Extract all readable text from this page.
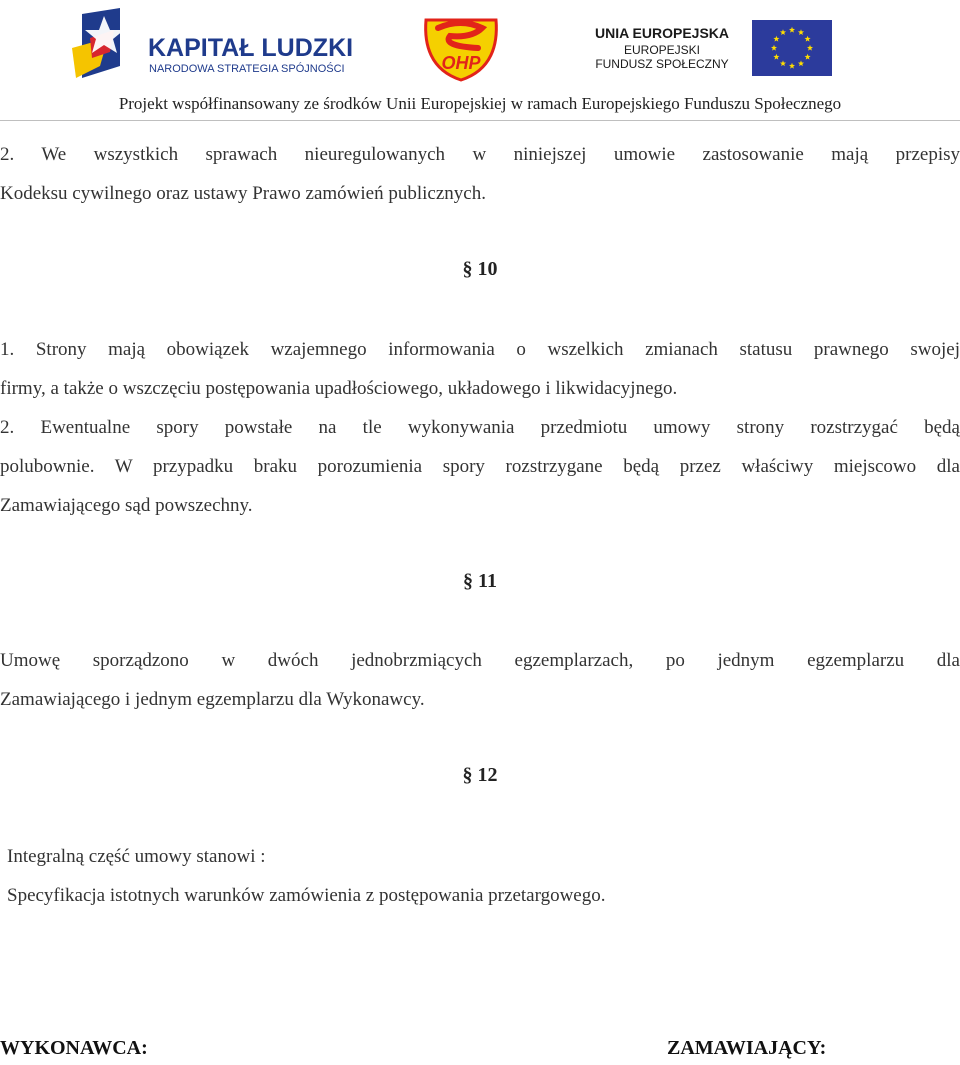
KAPITAŁ LUDZKI
NARODOWA STRATEGIA SPÓJNOŚCI	OHP
UNIA EUROPEJSKA
EUROPEJSKI
FUNDUSZ SPOŁECZNY
Projekt współfinansowany ze środków Unii Europejskiej w ramach Europejskiego Funduszu Społecznego
2. We wszystkich sprawach nieuregulowanych w niniejszej umowie zastosowanie mają przepisy
Kodeksu cywilnego oraz ustawy Prawo zamówień publicznych.
§ 10
1. Strony mają obowiązek wzajemnego informowania o wszelkich zmianach statusu prawnego swojej
firmy, a także o wszczęciu postępowania upadłościowego, układowego i likwidacyjnego.
2. Ewentualne spory powstałe na tle wykonywania przedmiotu umowy strony rozstrzygać będą
polubownie. W przypadku braku porozumienia spory rozstrzygane będą przez właściwy miejscowo dla
Zamawiającego sąd powszechny.
§ 11
Umowę sporządzono w dwóch jednobrzmiących egzemplarzach, po jednym egzemplarzu dla
Zamawiającego i jednym egzemplarzu dla Wykonawcy.
§ 12
Integralną część umowy stanowi :
Specyfikacja istotnych warunków zamówienia z postępowania przetargowego.
WYKONAWCA:	ZAMAWIAJĄCY:
